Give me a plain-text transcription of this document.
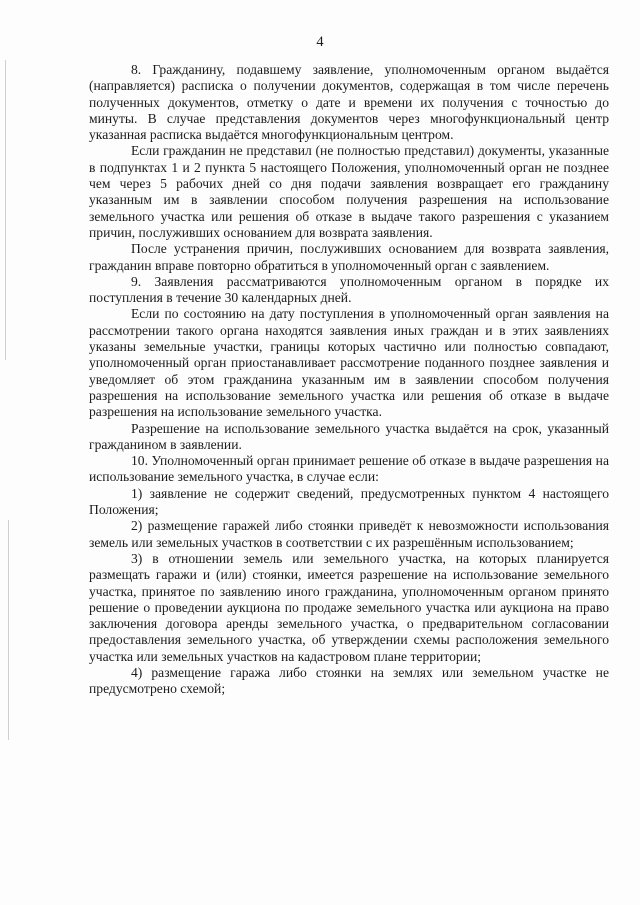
4

8. Гражданину, подавшему заявление, уполномоченным органом выдаётся (направляется) расписка о получении документов, содержащая в том числе перечень полученных документов, отметку о дате и времени их получения с точностью до минуты. В случае представления документов через многофункциональный центр указанная расписка выдаётся многофункциональным центром.

Если гражданин не представил (не полностью представил) документы, указанные в подпунктах 1 и 2 пункта 5 настоящего Положения, уполномоченный орган не позднее чем через 5 рабочих дней со дня подачи заявления возвращает его гражданину указанным им в заявлении способом получения разрешения на использование земельного участка или решения об отказе в выдаче такого разрешения с указанием причин, послуживших основанием для возврата заявления.

После устранения причин, послуживших основанием для возврата заявления, гражданин вправе повторно обратиться в уполномоченный орган с заявлением.

9. Заявления рассматриваются уполномоченным органом в порядке их поступления в течение 30 календарных дней.

Если по состоянию на дату поступления в уполномоченный орган заявления на рассмотрении такого органа находятся заявления иных граждан и в этих заявлениях указаны земельные участки, границы которых частично или полностью совпадают, уполномоченный орган приостанавливает рассмотрение поданного позднее заявления и уведомляет об этом гражданина указанным им в заявлении способом получения разрешения на использование земельного участка или решения об отказе в выдаче разрешения на использование земельного участка.

Разрешение на использование земельного участка выдаётся на срок, указанный гражданином в заявлении.

10. Уполномоченный орган принимает решение об отказе в выдаче разрешения на использование земельного участка, в случае если:

1) заявление не содержит сведений, предусмотренных пунктом 4 настоящего Положения;

2) размещение гаражей либо стоянки приведёт к невозможности использования земель или земельных участков в соответствии с их разрешённым использованием;

3) в отношении земель или земельного участка, на которых планируется размещать гаражи и (или) стоянки, имеется разрешение на использование земельного участка, принятое по заявлению иного гражданина, уполномоченным органом принято решение о проведении аукциона по продаже земельного участка или аукциона на право заключения договора аренды земельного участка, о предварительном согласовании предоставления земельного участка, об утверждении схемы расположения земельного участка или земельных участков на кадастровом плане территории;

4) размещение гаража либо стоянки на землях или земельном участке не предусмотрено схемой;
